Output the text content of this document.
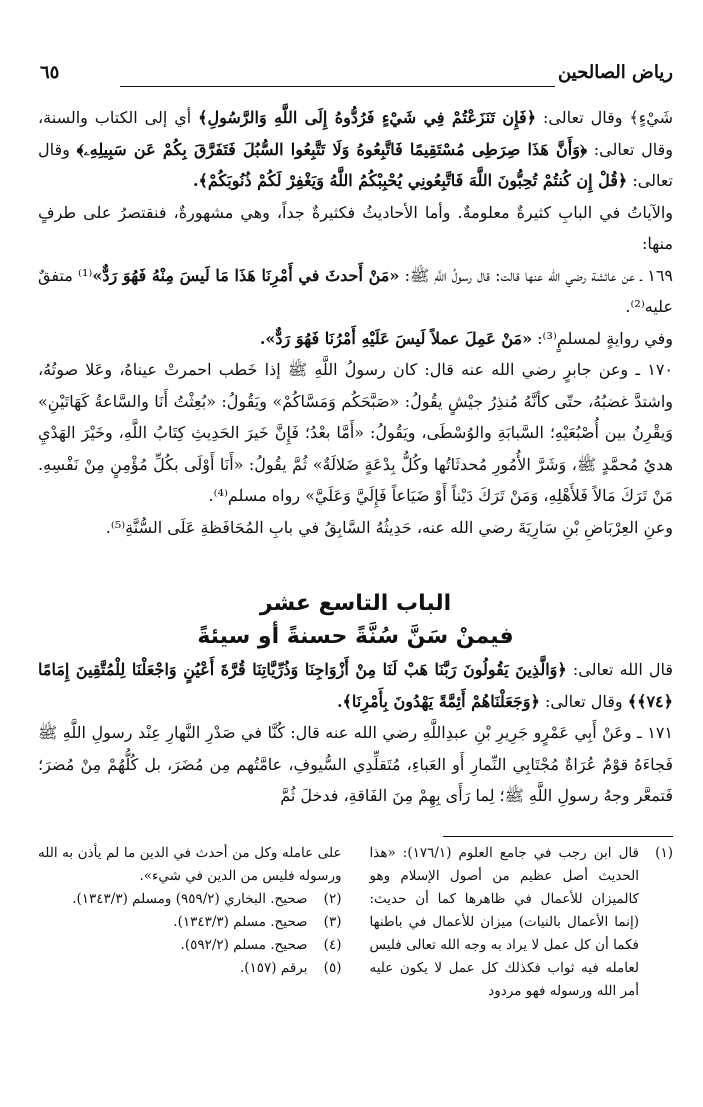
رياض الصالحين
٦٥

شَيْءٍ﴾ وقال تعالى: ﴿فَإِن تَنَزَعْتُمْ فِي شَيْءٍ فَرُدُّوهُ إِلَى اللَّهِ وَالرَّسُولِ﴾ أي إلى الكتاب والسنة، وقال تعالى: ﴿وَأَنَّ هَذَا صِرَطِى مُسْتَقِيمًا فَاتَّبِعُوهُ وَلَا تَتَّبِعُوا السُّبُلَ فَتَفَرَّقَ بِكُمْ عَن سَبِيلِهِۦ﴾ وقال تعالى: ﴿قُلْ إِن كُنتُمْ تُحِبُّونَ اللَّهَ فَاتَّبِعُونِي يُحْبِبْكُمُ اللَّهُ وَيَغْفِرْ لَكُمْ ذُنُوبَكُمْ﴾.

والآياتُ في البابِ كثيرةٌ معلومةٌ. وأما الأحاديثُ فكثيرةٌ جداً، وهي مشهورةٌ، فنقتصرُ على طرفٍ منها:

١٦٩ ـ عن عائشة رضي الله عنها قالت: قال رسولُ اللَّهِ ﷺ: «مَنْ أَحدثَ في أَمْرِنَا هَذَا مَا لَيسَ مِنْهُ فَهُوَ رَدٌّ»⁽¹⁾ متفقٌ عليه⁽²⁾.

وفي روايةٍ لمسلمٍ⁽³⁾: «مَنْ عَمِلَ عملاً لَيسَ عَلَيْهِ أَمْرُنَا فَهُوَ رَدٌّ».

١٧٠ ـ وعن جابرٍ رضي الله عنه قال: كان رسولُ اللَّهِ ﷺ إذا خَطب احمرتْ عيناهُ، وعَلا صوتُهُ، واشتدَّ غضبُهُ، حتّى كأنَّهُ مُنذِرُ جيْشٍ يقُولُ: «صَبَّحَكُم وَمَسَّاكُمْ» ويَقُولُ: «بُعِثْتُ أَنَا والسَّاعةُ كَهَاتَيْنِ» وَيقْرِنُ بين أُصْبُعَيْهِ؛ السَّبابَةِ والوُسْطَى، ويَقُولُ: «أَمَّا بعْدُ؛ فَإِنَّ خَيرَ الحَدِيثِ كِتَابُ اللَّهِ، وخَيْرَ الهَدْيِ هديُ مُحمَّدٍ ﷺ، وَشَرَّ الأُمُورِ مُحدثَاتُها وكُلُّ بِدْعَةٍ ضَلالَةٌ» ثُمَّ يقُولُ: «أَنَا أَوْلَى بكُلِّ مُؤْمِنٍ مِنْ نَفْسِهِ. مَنْ تَرَكَ مَالاً فَلأَهْلِهِ، وَمَنْ تَرَكَ دَيْناً أَوْ ضَيَاعاً فَإِلَيَّ وَعَلَيَّ» رواه مسلم⁽⁴⁾.

وعنِ العِرْبَاضِ بْنِ سَارِيَةَ رضي الله عنه، حَدِيثُهُ السَّابِقُ في بابِ المُحَافَظةِ عَلَى السُّنَّةِ⁽⁵⁾.

الباب التاسع عشر
فيمنْ سَنَّ سُنَّةً حسنةً أو سيئةً

قال الله تعالى: ﴿وَالَّذِينَ يَقُولُونَ رَبَّنَا هَبْ لَنَا مِنْ أَزْوَاجِنَا وَذُرِّيَّاتِنَا قُرَّةَ أَعْيُنٍ وَاجْعَلْنَا لِلْمُتَّقِينَ إِمَامًا ﴿٧٤﴾﴾ وقال تعالى: ﴿وَجَعَلْنَاهُمْ أَئِمَّةً يَهْدُونَ بِأَمْرِنَا﴾.

١٧١ ـ وعَنْ أَبِي عَمْرٍو جَرِيرِ بْنِ عبدِاللَّهِ رضي الله عنه قال: كُنَّا في صَدْرِ النَّهارِ عِنْد رسولِ اللَّهِ ﷺ فَجاءَهُ قوْمٌ عُرَاةٌ مُجْتَابِي النِّمارِ أَو العَباءِ، مُتَقلِّدِي السُّيوفِ، عامَّتُهم مِن مُضَرَ، بل كُلُّهُمْ مِنْ مُضرَ؛ فَتمعَّر وجهُ رسولِ اللَّهِ ﷺ؛ لِما رَأَى بِهِمْ مِنَ الفَاقةِ، فدخلَ ثُمَّ

(١)
قال ابن رجب في جامع العلوم (١٧٦/١): «هذا الحديث أصل عظيم من أصول الإسلام وهو كالميزان للأعمال في ظاهرها كما أن حديث: (إنما الأعمال بالنيات) ميزان للأعمال في باطنها فكما أن كل عمل لا يراد به وجه الله تعالى فليس لعامله فيه ثواب فكذلك كل عمل لا يكون عليه أمر الله ورسوله فهو مردود
على عامله وكل من أحدث في الدين ما لم يأذن به الله ورسوله فليس من الدين في شيء».
(٢)
صحيح. البخاري (٩٥٩/٢) ومسلم (١٣٤٣/٣).
(٣)
صحيح. مسلم (١٣٤٣/٣).
(٤)
صحيح. مسلم (٥٩٢/٢).
(٥)
برقم (١٥٧).
